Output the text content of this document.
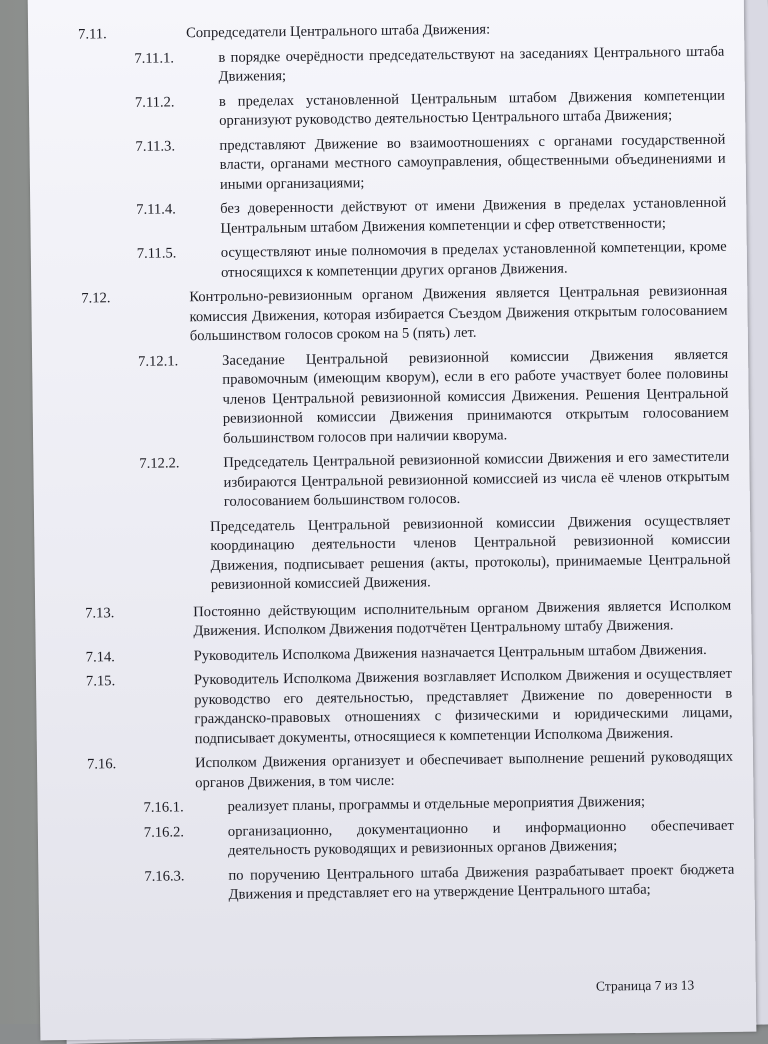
7.11.	Сопредседатели Центрального штаба Движения:
7.11.1.	в порядке очерёдности председательствуют на заседаниях Центрального штаба Движения;
7.11.2.	в пределах установленной Центральным штабом Движения компетенции организуют руководство деятельностью Центрального штаба Движения;
7.11.3.	представляют Движение во взаимоотношениях с органами государственной власти, органами местного самоуправления, общественными объединениями и иными организациями;
7.11.4.	без доверенности действуют от имени Движения в пределах установленной Центральным штабом Движения компетенции и сфер ответственности;
7.11.5.	осуществляют иные полномочия в пределах установленной компетенции, кроме относящихся к компетенции других органов Движения.
7.12.	Контрольно-ревизионным органом Движения является Центральная ревизионная комиссия Движения, которая избирается Съездом Движения открытым голосованием большинством голосов сроком на 5 (пять) лет.
7.12.1.	Заседание Центральной ревизионной комиссии Движения является правомочным (имеющим кворум), если в его работе участвует более половины членов Центральной ревизионной комиссия Движения. Решения Центральной ревизионной комиссии Движения принимаются открытым голосованием большинством голосов при наличии кворума.
7.12.2.	Председатель Центральной ревизионной комиссии Движения и его заместители избираются Центральной ревизионной комиссией из числа её членов открытым голосованием большинством голосов.
Председатель Центральной ревизионной комиссии Движения осуществляет координацию деятельности членов Центральной ревизионной комиссии Движения, подписывает решения (акты, протоколы), принимаемые Центральной ревизионной комиссией Движения.
7.13.	Постоянно действующим исполнительным органом Движения является Исполком Движения. Исполком Движения подотчётен Центральному штабу Движения.
7.14.	Руководитель Исполкома Движения назначается Центральным штабом Движения.
7.15.	Руководитель Исполкома Движения возглавляет Исполком Движения и осуществляет руководство его деятельностью, представляет Движение по доверенности в гражданско-правовых отношениях с физическими и юридическими лицами, подписывает документы, относящиеся к компетенции Исполкома Движения.
7.16.	Исполком Движения организует и обеспечивает выполнение решений руководящих органов Движения, в том числе:
7.16.1.	реализует планы, программы и отдельные мероприятия Движения;
7.16.2.	организационно, документационно и информационно обеспечивает деятельность руководящих и ревизионных органов Движения;
7.16.3.	по поручению Центрального штаба Движения разрабатывает проект бюджета Движения и представляет его на утверждение Центрального штаба;
Страница 7 из 13
